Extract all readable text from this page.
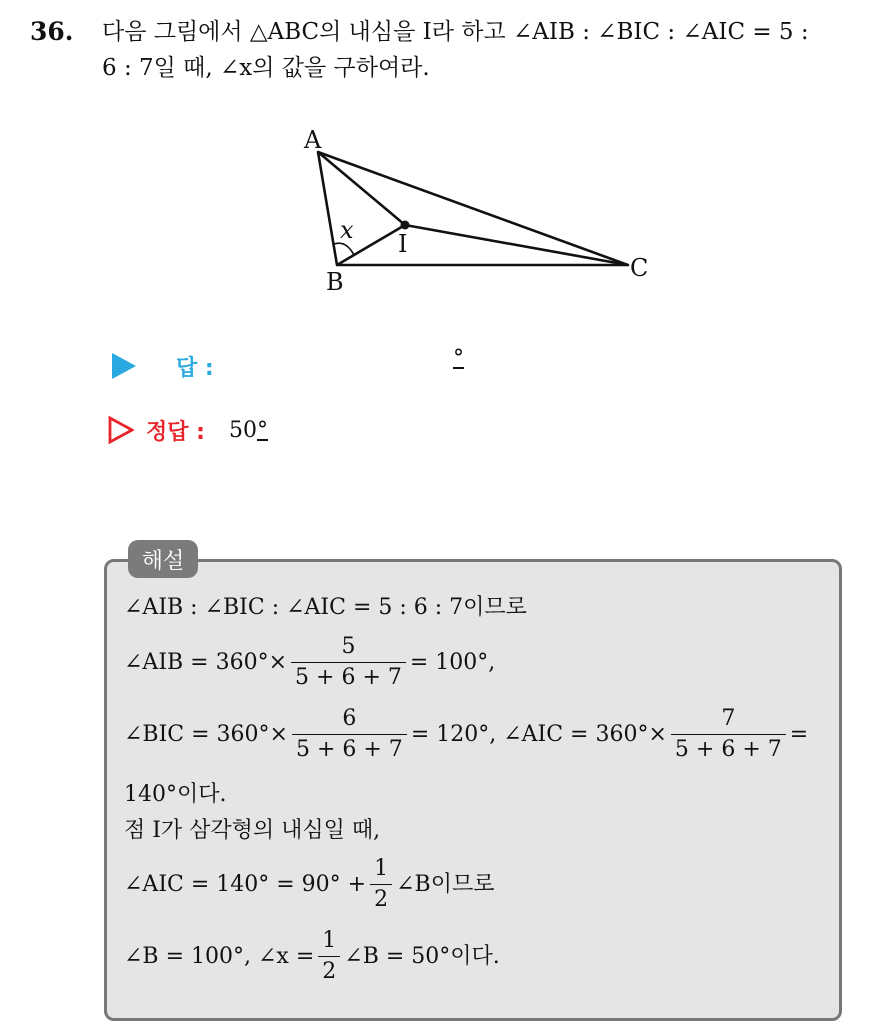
36. 다음 그림에서 △ABC의 내심을 I라 하고 ∠AIB : ∠BIC : ∠AIC = 5 :
6 : 7일 때, ∠x의 값을 구하여라.
A
B	C
I
x
답 :	°
정답 : 50°
해설
∠AIB : ∠BIC : ∠AIC = 5 : 6 : 7이므로
∠AIB = $360^\circ\times \frac{5}{5 + 6 + 7} = 100^\circ$,
∠BIC = $360^\circ\times \frac{6}{5 + 6 + 7} = 120^\circ$, ∠AIC = $360^\circ\times \frac{7}{5 + 6 + 7}$ =
140°이다.
점 I가 삼각형의 내심일 때,
∠AIC = $140^\circ = 90^\circ + \frac{1}{2}$ ∠B이므로
∠B = 100°, ∠x = $\frac{1}{2}$ ∠B = 50°이다.
